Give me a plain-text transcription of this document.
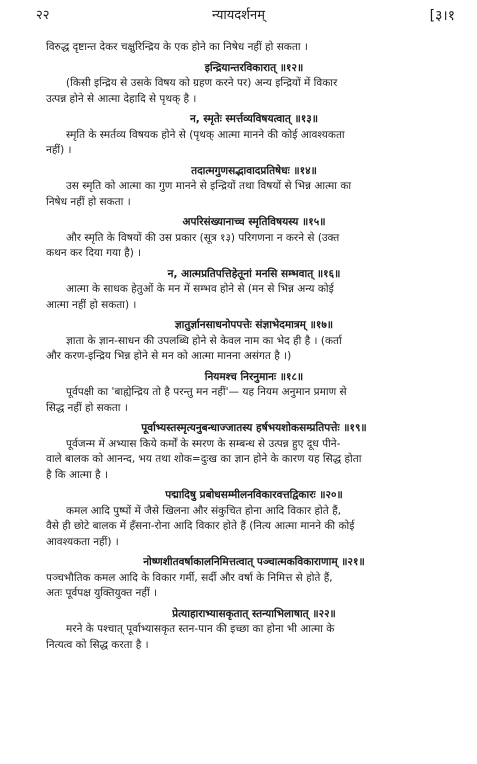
न्यायदर्शनम्
२२	[३।१
विरुद्ध दृष्टान्त देकर चक्षुरिन्द्रिय के एक होने का निषेध नहीं हो सकता ।
इन्द्रियान्तरविकारात् ॥१२॥
(किसी इन्द्रिय से उसके विषय को ग्रहण करने पर) अन्य इन्द्रियों में विकार
उत्पन्न होने से आत्मा देहादि से पृथक् है ।
न, स्मृतेः स्मर्त्तव्यविषयत्वात् ॥१३॥
स्मृति के स्मर्तव्य विषयक होने से (पृथक् आत्मा मानने की कोई आवश्यकता
नहीं) ।
तदात्मगुणसद्भावादप्रतिषेधः ॥१४॥
उस स्मृति को आत्मा का गुण मानने से इन्द्रियों तथा विषयों से भिन्न आत्मा का
निषेध नहीं हो सकता ।
अपरिसंख्यानाच्च स्मृतिविषयस्य ॥१५॥
और स्मृति के विषयों की उस प्रकार (सूत्र १३) परिगणना न करने से (उक्त
कथन कर दिया गया है) ।
न, आत्मप्रतिपत्तिहेतूनां मनसि सम्भवात् ॥१६॥
आत्मा के साधक हेतुओं के मन में सम्भव होने से (मन से भिन्न अन्य कोई
आत्मा नहीं हो सकता) ।
ज्ञातुर्ज्ञानसाधनोपपत्तेः संज्ञाभेदमात्रम् ॥१७॥
ज्ञाता के ज्ञान-साधन की उपलब्धि होने से केवल नाम का भेद ही है । (कर्ता
और करण-इन्द्रिय भिन्न होने से मन को आत्मा मानना असंगत है ।)
नियमश्च निरनुमानः ॥१८॥
पूर्वपक्षी का 'बाह्येन्द्रिय तो है परन्तु मन नहीं'— यह नियम अनुमान प्रमाण से
सिद्ध नहीं हो सकता ।
पूर्वाभ्यस्तस्मृत्यनुबन्धाज्जातस्य हर्षभयशोकसम्प्रतिपत्तेः ॥१९॥
पूर्वजन्म में अभ्यास किये कर्मों के स्मरण के सम्बन्ध से उत्पन्न हुए दूध पीने-
वाले बालक को आनन्द, भय तथा शोक=दुःख का ज्ञान होने के कारण यह सिद्ध होता
है कि आत्मा है ।
पद्मादिषु प्रबोधसम्मीलनविकारवत्तद्विकारः ॥२०॥
कमल आदि पुष्पों में जैसे खिलना और संकुचित होना आदि विकार होते हैं,
वैसे ही छोटे बालक में हँसना-रोना आदि विकार होते हैं (नित्य आत्मा मानने की कोई
आवश्यकता नहीं) ।
नोष्णशीतवर्षाकालनिमित्तत्वात् पञ्चात्मकविकाराणाम् ॥२१॥
पञ्चभौतिक कमल आदि के विकार गर्मी, सर्दी और वर्षा के निमित्त से होते हैं,
अतः पूर्वपक्ष युक्तियुक्त नहीं ।
प्रेत्याहाराभ्यासकृतात् स्तन्याभिलाषात् ॥२२॥
मरने के पश्चात् पूर्वाभ्यासकृत स्तन-पान की इच्छा का होना भी आत्मा के
नित्यत्व को सिद्ध करता है ।
